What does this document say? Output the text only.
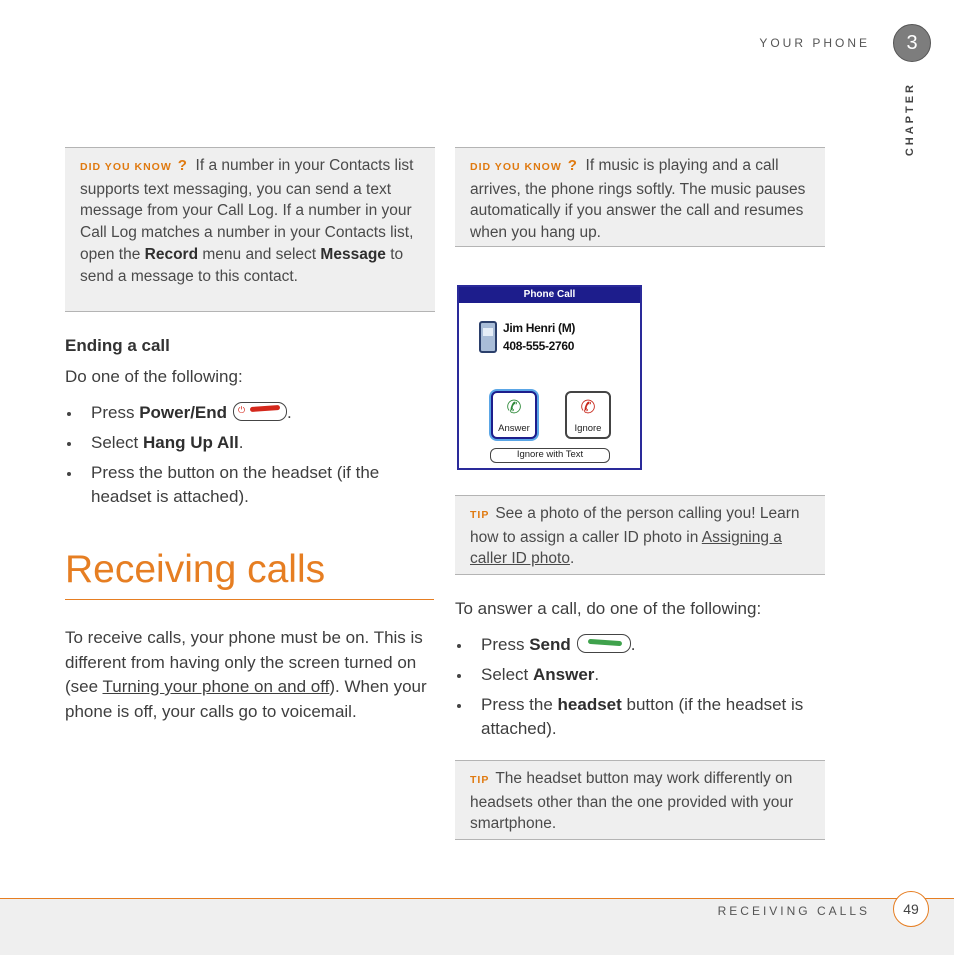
YOUR PHONE	3
CHAPTER
DID YOU KNOW ? If a number in your Contacts list supports text messaging, you can send a text message from your Call Log. If a number in your Call Log matches a number in your Contacts list, open the Record menu and select Message to send a message to this contact.
Ending a call
Do one of the following:
Press Power/End ⏻ .
Select Hang Up All.
Press the button on the headset (if the headset is attached).
Receiving calls
To receive calls, your phone must be on. This is different from having only the screen turned on (see Turning your phone on and off). When your phone is off, your calls go to voicemail.
DID YOU KNOW ? If music is playing and a call arrives, the phone rings softly. The music pauses automatically if you answer the call and resumes when you hang up.
Phone Call
Jim Henri (M)
408-555-2760
✆
Answer
✆
Ignore
Ignore with Text
TIP See a photo of the person calling you! Learn how to assign a caller ID photo in Assigning a caller ID photo.
To answer a call, do one of the following:
Press Send	.
Select Answer.
Press the headset button (if the headset is attached).
TIP The headset button may work differently on headsets other than the one provided with your smartphone.
RECEIVING CALLS	49
